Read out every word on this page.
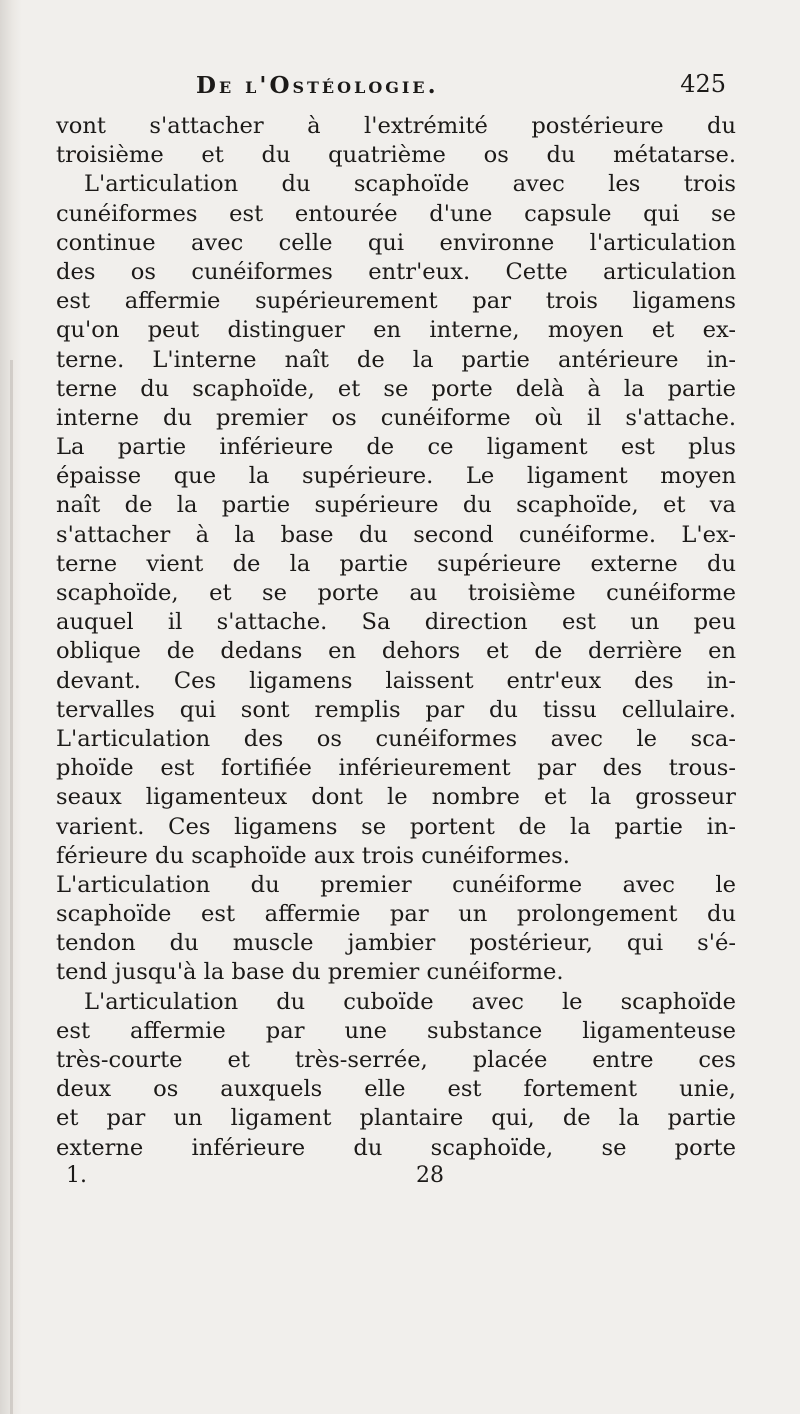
De l'Ostéologie.	425
vont s'attacher à l'extrémité postérieure du
troisième et du quatrième os du métatarse.
L'articulation du scaphoïde avec les trois
cunéiformes est entourée d'une capsule qui se
continue avec celle qui environne l'articulation
des os cunéiformes entr'eux. Cette articulation
est affermie supérieurement par trois ligamens
qu'on peut distinguer en interne, moyen et ex-
terne. L'interne naît de la partie antérieure in-
terne du scaphoïde, et se porte delà à la partie
interne du premier os cunéiforme où il s'attache.
La partie inférieure de ce ligament est plus
épaisse que la supérieure. Le ligament moyen
naît de la partie supérieure du scaphoïde, et va
s'attacher à la base du second cunéiforme. L'ex-
terne vient de la partie supérieure externe du
scaphoïde, et se porte au troisième cunéiforme
auquel il s'attache. Sa direction est un peu
oblique de dedans en dehors et de derrière en
devant. Ces ligamens laissent entr'eux des in-
tervalles qui sont remplis par du tissu cellulaire.
L'articulation des os cunéiformes avec le sca-
phoïde est fortifiée inférieurement par des trous-
seaux ligamenteux dont le nombre et la grosseur
varient. Ces ligamens se portent de la partie in-
férieure du scaphoïde aux trois cunéiformes.
L'articulation du premier cunéiforme avec le
scaphoïde est affermie par un prolongement du
tendon du muscle jambier postérieur, qui s'é-
tend jusqu'à la base du premier cunéiforme.
L'articulation du cuboïde avec le scaphoïde
est affermie par une substance ligamenteuse
très-courte et très-serrée, placée entre ces
deux os auxquels elle est fortement unie,
et par un ligament plantaire qui, de la partie
externe inférieure du scaphoïde, se porte
1.	28
